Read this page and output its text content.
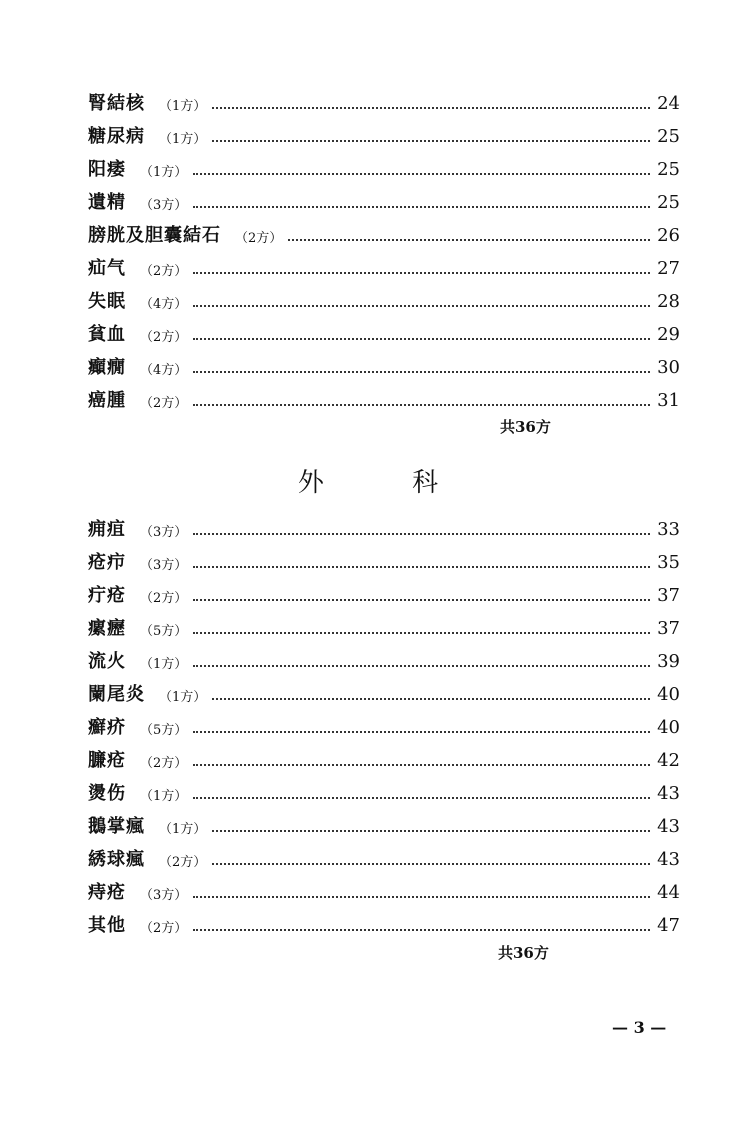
腎結核 （1方）	24
糖尿病 （1方）	25
阳痿 （1方）	25
遺精 （3方）	25
膀胱及胆囊結石 （2方）	26
疝气 （2方）	27
失眠 （4方）	28
貧血 （2方）	29
癲癇 （4方）	30
癌腫 （2方）	31
共36方
外 科
痈疽 （3方）	33
疮疖 （3方）	35
疔疮 （2方）	37
瘰癧 （5方）	37
流火 （1方）	39
闌尾炎 （1方）	40
癬疥 （5方）	40
臁疮 （2方）	42
燙伤 （1方）	43
鵝掌瘋 （1方）	43
綉球瘋 （2方）	43
痔疮 （3方）	44
其他 （2方）	47
共36方
— 3 —
